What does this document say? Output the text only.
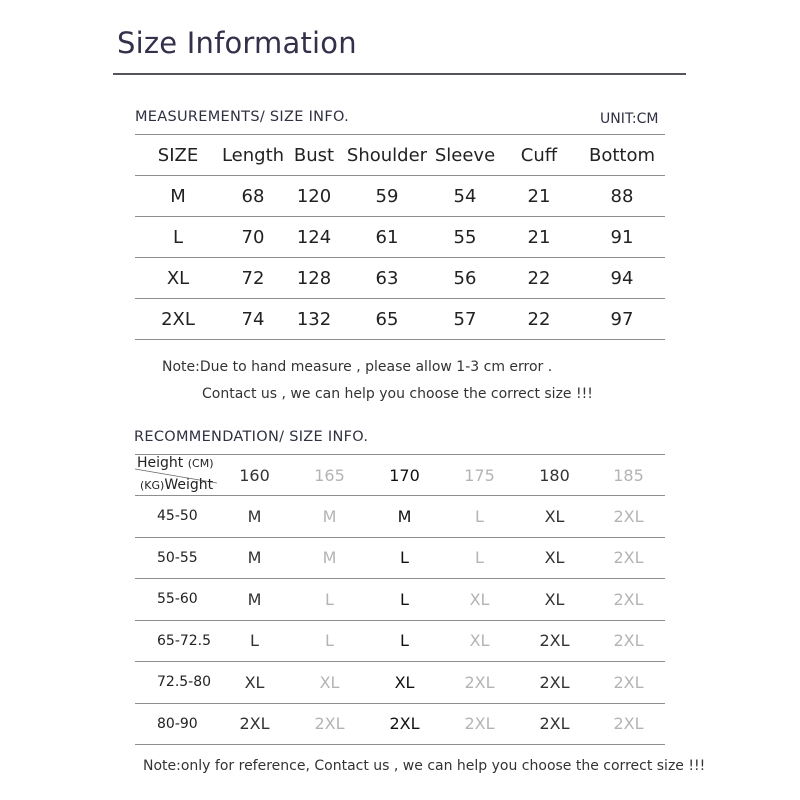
Size Information
MEASUREMENTS/ SIZE INFO.	UNIT:CM
SIZE	Length	Bust	Shoulder	Sleeve	Cuff	Bottom
M	68	120	59	54	21	88
L	70	124	61	55	21	91
XL	72	128	63	56	22	94
2XL	74	132	65	57	22	97
Note:Due to hand measure , please allow 1-3 cm error .
Contact us , we can help you choose the correct size !!!
RECOMMENDATION/ SIZE INFO.
Height (CM)
(KG)Weight	160	165	170	175	180	185
45-50	M	M	M	L	XL	2XL
50-55	M	M	L	L	XL	2XL
55-60	M	L	L	XL	XL	2XL
65-72.5	L	L	L	XL	2XL	2XL
72.5-80	XL	XL	XL	2XL	2XL	2XL
80-90	2XL	2XL	2XL	2XL	2XL	2XL
Note:only for reference, Contact us , we can help you choose the correct size !!!
